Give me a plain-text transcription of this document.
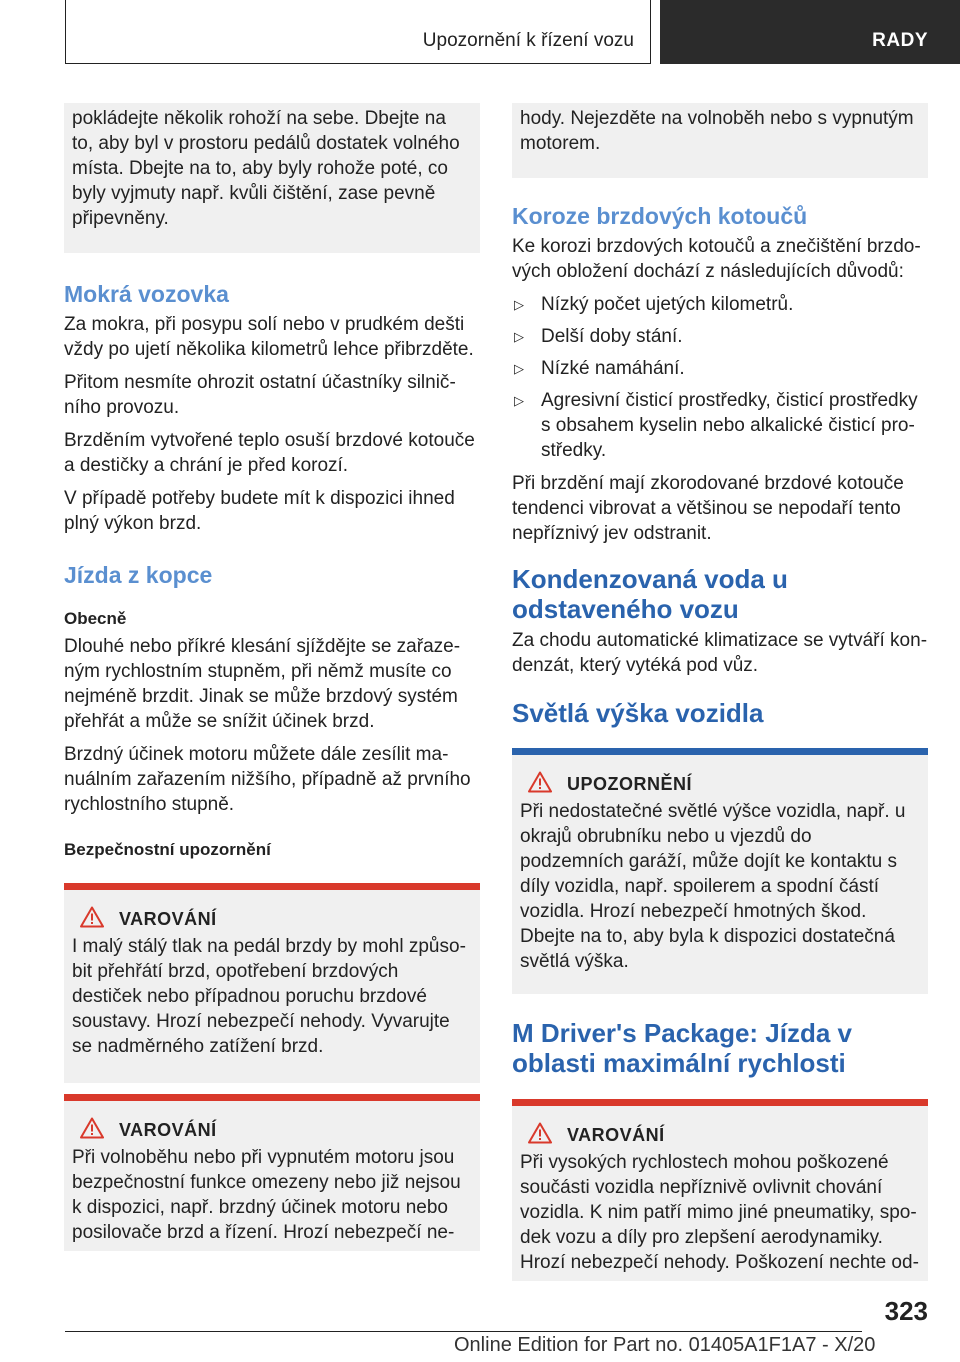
Upozornění k řízení vozu	RADY

pokládejte několik rohoží na sebe. Dbejte na to, aby byl v prostoru pedálů dostatek volného místa. Dbejte na to, aby byly rohože poté, co byly vyjmuty např. kvůli čištění, zase pevně připevněny.

Mokrá vozovka

Za mokra, při posypu solí nebo v prudkém dešti vždy po ujetí několika kilometrů lehce přibrzděte.

Přitom nesmíte ohrozit ostatní účastníky silničního provozu.

Brzděním vytvořené teplo osuší brzdové kotouče a destičky a chrání je před korozí.

V případě potřeby budete mít k dispozici ihned plný výkon brzd.

Jízda z kopce
Obecně

Dlouhé nebo příkré klesání sjíždějte se zařazeným rychlostním stupněm, při němž musíte co nejméně brzdit. Jinak se může brzdový systém přehřát a může se snížit účinek brzd.

Brzdný účinek motoru můžete dále zesílit manuálním zařazením nižšího, případně až prvního rychlostního stupně.

Bezpečnostní upozornění
VAROVÁNÍ

I malý stálý tlak na pedál brzdy by mohl způsobit přehřátí brzd, opotřebení brzdových destiček nebo případnou poruchu brzdové soustavy. Hrozí nebezpečí nehody. Vyvarujte se nadměrného zatížení brzd.

VAROVÁNÍ

Při volnoběhu nebo při vypnutém motoru jsou bezpečnostní funkce omezeny nebo již nejsou k dispozici, např. brzdný účinek motoru nebo posilovače brzd a řízení. Hrozí nebezpečí ne-

hody. Nejezděte na volnoběh nebo s vypnutým motorem.

Koroze brzdových kotoučů

Ke korozi brzdových kotoučů a znečištění brzdových obložení dochází z následujících důvodů:

▷ Nízký počet ujetých kilometrů.
▷ Delší doby stání.
▷ Nízké namáhání.
▷ Agresivní čisticí prostředky, čisticí prostředky s obsahem kyselin nebo alkalické čisticí prostředky.

Při brzdění mají zkorodované brzdové kotouče tendenci vibrovat a většinou se nepodaří tento nepříznivý jev odstranit.

Kondenzovaná voda u odstaveného vozu

Za chodu automatické klimatizace se vytváří kondenzát, který vytéká pod vůz.

Světlá výška vozidla
UPOZORNĚNÍ

Při nedostatečné světlé výšce vozidla, např. u okrajů obrubníku nebo u vjezdů do podzemních garáží, může dojít ke kontaktu s díly vozidla, např. spoilerem a spodní částí vozidla. Hrozí nebezpečí hmotných škod. Dbejte na to, aby byla k dispozici dostatečná světlá výška.

M Driver's Package: Jízda v oblasti maximální rychlosti
VAROVÁNÍ

Při vysokých rychlostech mohou poškozené součásti vozidla nepříznivě ovlivnit chování vozidla. K nim patří mimo jiné pneumatiky, spodek vozu a díly pro zlepšení aerodynamiky. Hrozí nebezpečí nehody. Poškození nechte od-

323
Online Edition for Part no. 01405A1F1A7 - X/20
